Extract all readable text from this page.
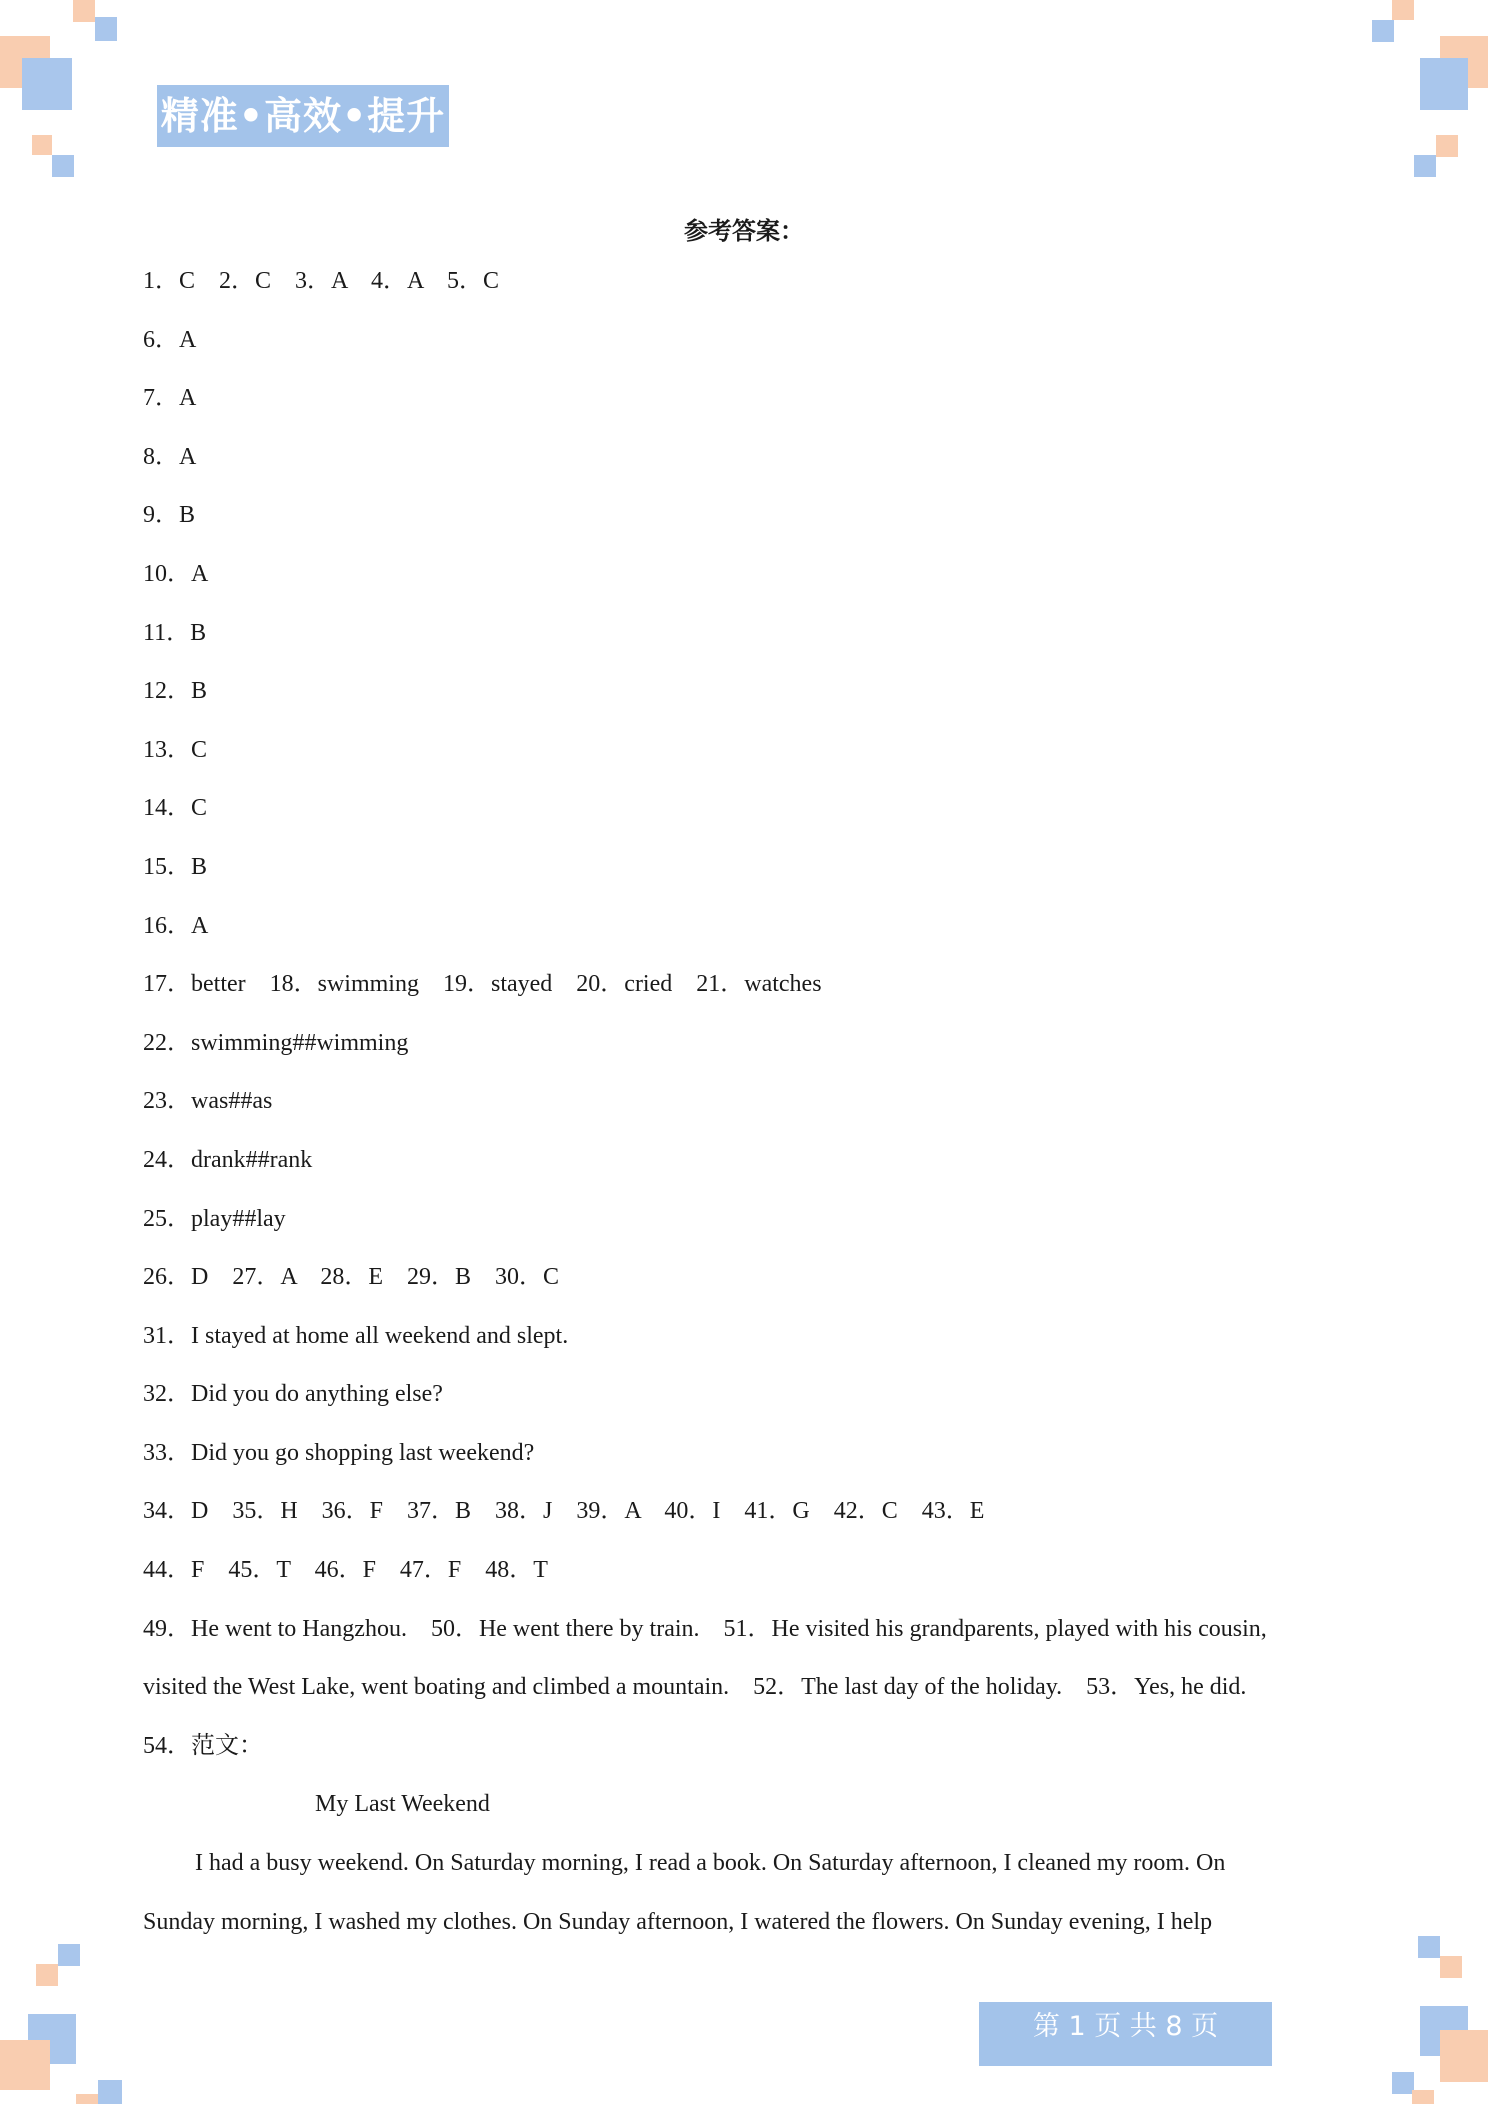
精准•高效•提升
参考答案：
1．C    2．C    3．A    4．A    5．C
6．A
7．A
8．A
9．B
10．A
11．B
12．B
13．C
14．C
15．B
16．A
17．better    18．swimming    19．stayed    20．cried    21．watches
22．swimming##wimming
23．was##as
24．drank##rank
25．play##lay
26．D    27．A    28．E    29．B    30．C
31．I stayed at home all weekend and slept.
32．Did you do anything else?
33．Did you go shopping last weekend?
34．D    35．H    36．F    37．B    38．J    39．A    40．I    41．G    42．C    43．E
44．F    45．T    46．F    47．F    48．T
49．He went to Hangzhou.    50．He went there by train.    51．He visited his grandparents, played with his cousin,
visited the West Lake, went boating and climbed a mountain.    52．The last day of the holiday.    53．Yes, he did.
54．范文：
My Last Weekend
I had a busy weekend. On Saturday morning, I read a book. On Saturday afternoon, I cleaned my room. On
Sunday morning, I washed my clothes. On Sunday afternoon, I watered the flowers. On Sunday evening, I help
第 1 页 共 8 页
